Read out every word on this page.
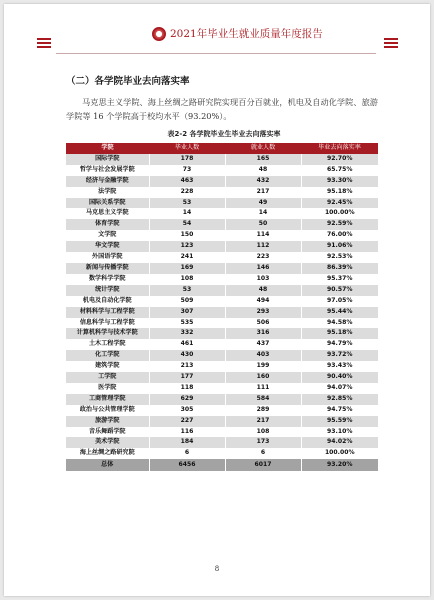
2021年毕业生就业质量年度报告
（二）各学院毕业去向落实率
马克思主义学院、海上丝绸之路研究院实现百分百就业，机电及自动化学院、旅游学院等 16 个学院高于校均水平（93.20%）。
表2-2 各学院毕业生毕业去向落实率
学院	毕业人数	就业人数	毕业去向落实率
国际学院	178	165	92.70%
哲学与社会发展学院	73	48	65.75%
经济与金融学院	463	432	93.30%
法学院	228	217	95.18%
国际关系学院	53	49	92.45%
马克思主义学院	14	14	100.00%
体育学院	54	50	92.59%
文学院	150	114	76.00%
华文学院	123	112	91.06%
外国语学院	241	223	92.53%
新闻与传播学院	169	146	86.39%
数学科学学院	108	103	95.37%
统计学院	53	48	90.57%
机电及自动化学院	509	494	97.05%
材料科学与工程学院	307	293	95.44%
信息科学与工程学院	535	506	94.58%
计算机科学与技术学院	332	316	95.18%
土木工程学院	461	437	94.79%
化工学院	430	403	93.72%
建筑学院	213	199	93.43%
工学院	177	160	90.40%
医学院	118	111	94.07%
工商管理学院	629	584	92.85%
政治与公共管理学院	305	289	94.75%
旅游学院	227	217	95.59%
音乐舞蹈学院	116	108	93.10%
美术学院	184	173	94.02%
海上丝绸之路研究院	6	6	100.00%
总体	6456	6017	93.20%
8
